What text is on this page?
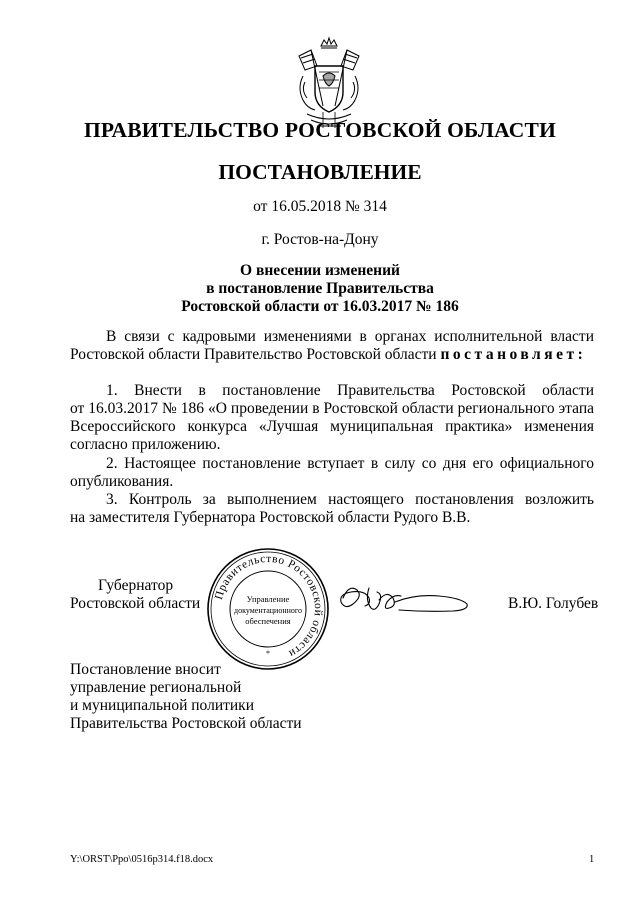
ПРАВИТЕЛЬСТВО РОСТОВСКОЙ ОБЛАСТИ
ПОСТАНОВЛЕНИЕ
от 16.05.2018 № 314
г. Ростов-на-Дону
О внесении изменений
в постановление Правительства
Ростовской области от 16.03.2017 № 186
В связи с кадровыми изменениями в органах исполнительной власти
Ростовской области Правительство Ростовской области постановляет:
1. Внести в постановление Правительства Ростовской области
от 16.03.2017 № 186 «О проведении в Ростовской области регионального этапа
Всероссийского конкурса «Лучшая муниципальная практика» изменения
согласно приложению.
2. Настоящее постановление вступает в силу со дня его официального
опубликования.
3. Контроль за выполнением настоящего постановления возложить
на заместителя Губернатора Ростовской области Рудого В.В.
Губернатор
Ростовской области	В.Ю. Голубев
Правительство Ростовской области
Управление
документационного
обеспечения
*
Постановление вносит
управление региональной
и муниципальной политики
Правительства Ростовской области
Y:\ORST\Ppo\0516p314.f18.docx	1
